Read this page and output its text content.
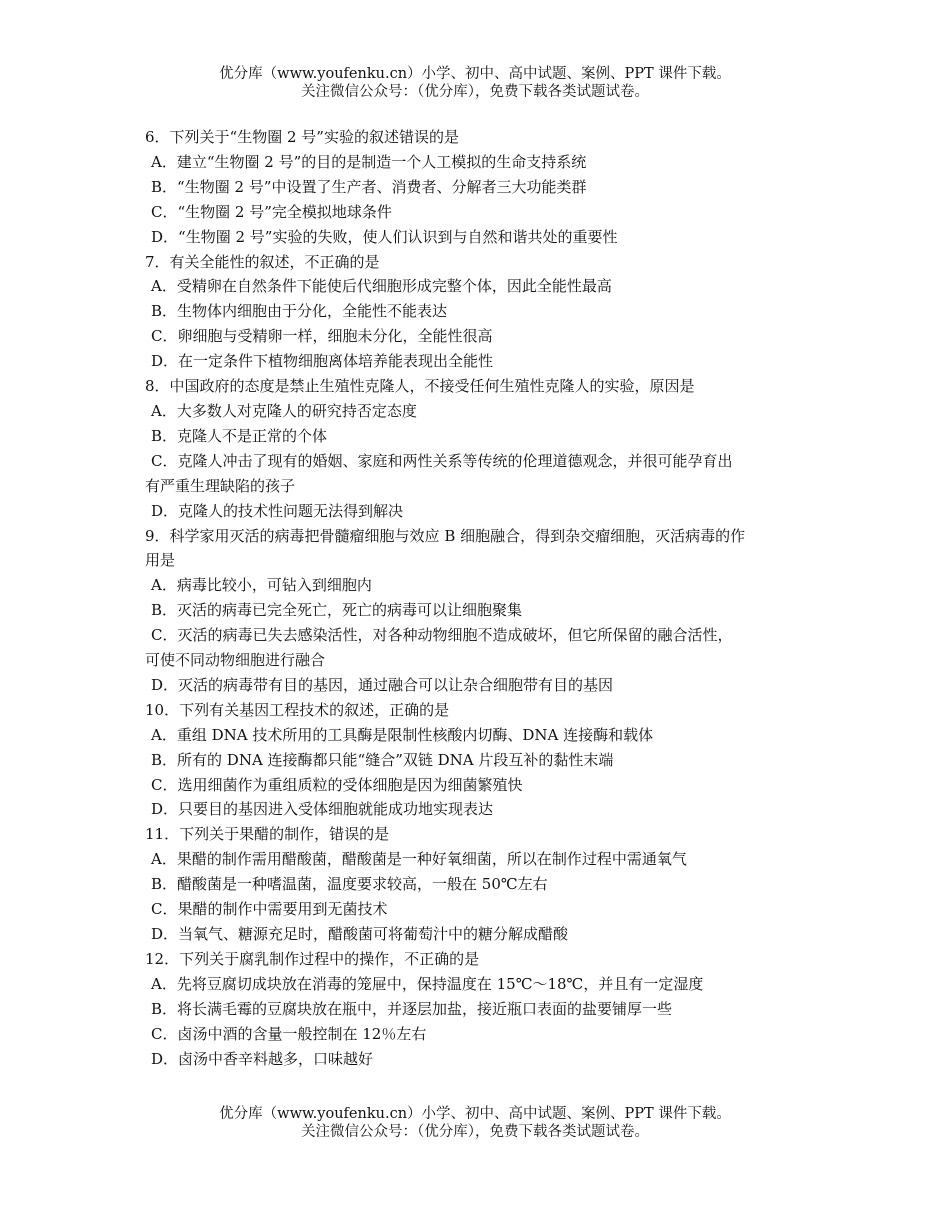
优分库（www.youfenku.cn）小学、初中、高中试题、案例、PPT 课件下载。
关注微信公众号：（优分库），免费下载各类试题试卷。
6．下列关于“生物圈 2 号”实验的叙述错误的是
A．建立“生物圈 2 号”的目的是制造一个人工模拟的生命支持系统
B．“生物圈 2 号”中设置了生产者、消费者、分解者三大功能类群
C．“生物圈 2 号”完全模拟地球条件
D．“生物圈 2 号”实验的失败，使人们认识到与自然和谐共处的重要性
7．有关全能性的叙述，不正确的是
A．受精卵在自然条件下能使后代细胞形成完整个体，因此全能性最高
B．生物体内细胞由于分化，全能性不能表达
C．卵细胞与受精卵一样，细胞未分化，全能性很高
D．在一定条件下植物细胞离体培养能表现出全能性
8．中国政府的态度是禁止生殖性克隆人，不接受任何生殖性克隆人的实验，原因是
A．大多数人对克隆人的研究持否定态度
B．克隆人不是正常的个体
C．克隆人冲击了现有的婚姻、家庭和两性关系等传统的伦理道德观念，并很可能孕育出
有严重生理缺陷的孩子
D．克隆人的技术性问题无法得到解决
9．科学家用灭活的病毒把骨髓瘤细胞与效应 B 细胞融合，得到杂交瘤细胞，灭活病毒的作
用是
A．病毒比较小，可钻入到细胞内
B．灭活的病毒已完全死亡，死亡的病毒可以让细胞聚集
C．灭活的病毒已失去感染活性，对各种动物细胞不造成破坏，但它所保留的融合活性，
可使不同动物细胞进行融合
D．灭活的病毒带有目的基因，通过融合可以让杂合细胞带有目的基因
10．下列有关基因工程技术的叙述，正确的是
A．重组 DNA 技术所用的工具酶是限制性核酸内切酶、DNA 连接酶和载体
B．所有的 DNA 连接酶都只能“缝合”双链 DNA 片段互补的黏性末端
C．选用细菌作为重组质粒的受体细胞是因为细菌繁殖快
D．只要目的基因进入受体细胞就能成功地实现表达
11．下列关于果醋的制作，错误的是
A．果醋的制作需用醋酸菌，醋酸菌是一种好氧细菌，所以在制作过程中需通氧气
B．醋酸菌是一种嗜温菌，温度要求较高，一般在 50℃左右
C．果醋的制作中需要用到无菌技术
D．当氧气、糖源充足时，醋酸菌可将葡萄汁中的糖分解成醋酸
12．下列关于腐乳制作过程中的操作，不正确的是
A．先将豆腐切成块放在消毒的笼屉中，保持温度在 15℃～18℃，并且有一定湿度
B．将长满毛霉的豆腐块放在瓶中，并逐层加盐，接近瓶口表面的盐要铺厚一些
C．卤汤中酒的含量一般控制在 12％左右
D．卤汤中香辛料越多，口味越好
优分库（www.youfenku.cn）小学、初中、高中试题、案例、PPT 课件下载。
关注微信公众号：（优分库），免费下载各类试题试卷。
